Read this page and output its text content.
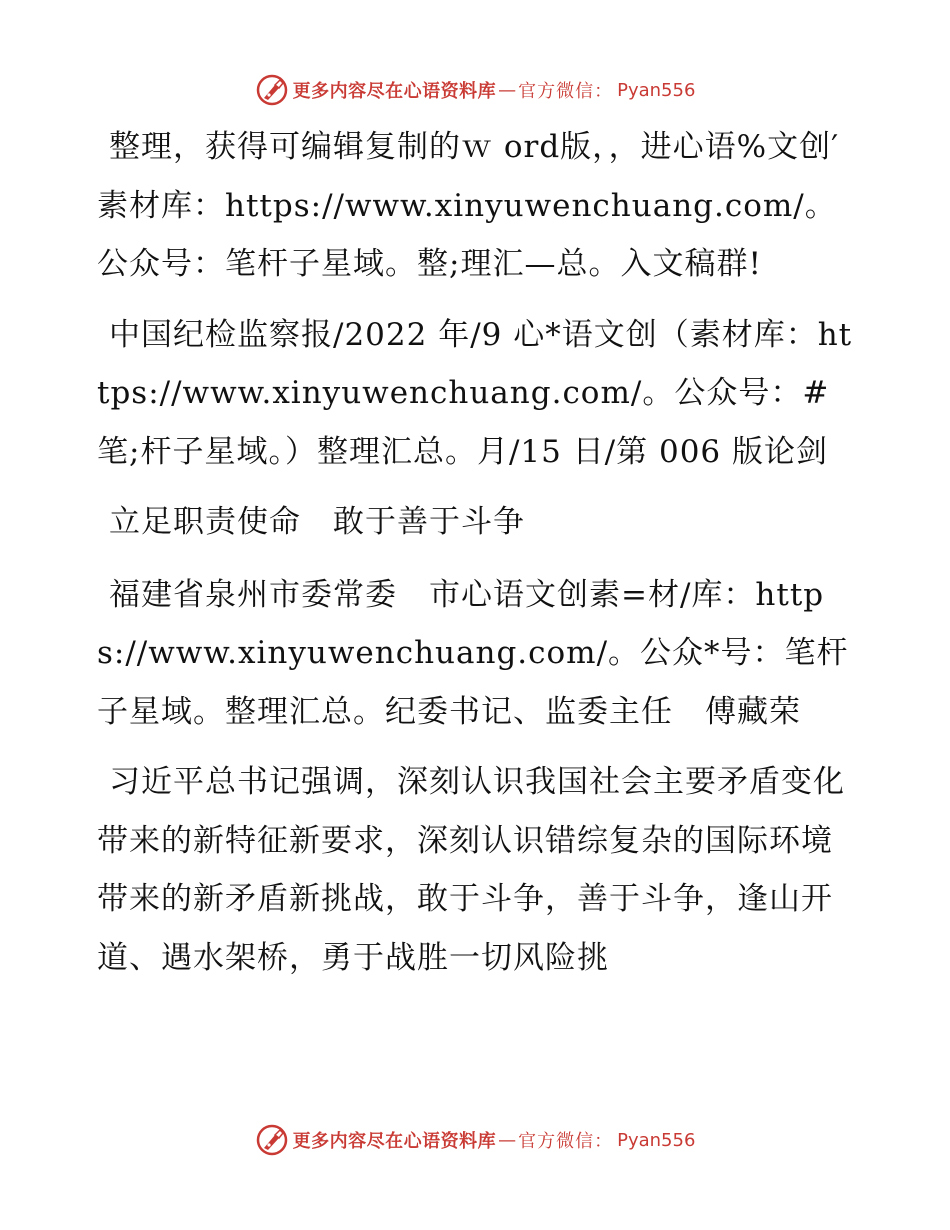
更多内容尽在心语资料库 — 官方微信： Pyan556

整理，获得可编辑复制的ｗ ord版，，进心语%文创′素材库：https://www.xinyuwenchuang.com/。公众号：笔杆子星域。整;理汇—总。入文稿群!

中国纪检监察报/2022 年/9 心*语文创（素材库：https://www.xinyuwenchuang.com/。公众号：#笔;杆子星域。）整理汇总。月/15 日/第 006 版论剑

立足职责使命　敢于善于斗争

福建省泉州市委常委　市心语文创素=材/库：https://www.xinyuwenchuang.com/。公众*号：笔杆子星域。整理汇总。纪委书记、监委主任　傅藏荣

习近平总书记强调，深刻认识我国社会主要矛盾变化带来的新特征新要求，深刻认识错综复杂的国际环境带来的新矛盾新挑战，敢于斗争，善于斗争，逢山开道、遇水架桥，勇于战胜一切风险挑

更多内容尽在心语资料库 — 官方微信： Pyan556
